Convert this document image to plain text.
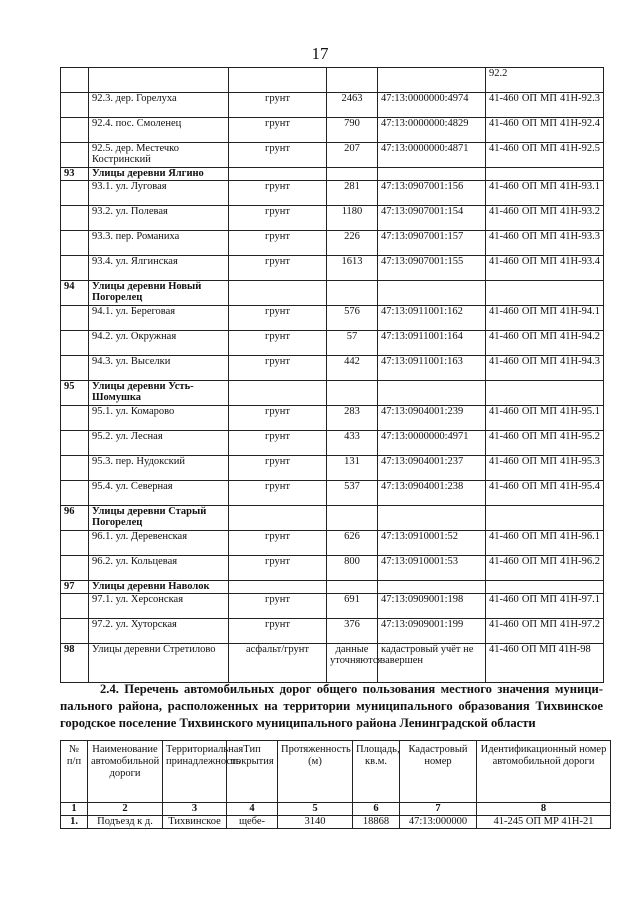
17
					92.2
	92.3. дер. Горелуха	грунт	2463	47:13:0000000:4974	41-460 ОП МП 41Н-92.3
	92.4. пос. Смоленец	грунт	790	47:13:0000000:4829	41-460 ОП МП 41Н-92.4
	92.5. дер. Местечко Костринский	грунт	207	47:13:0000000:4871	41-460 ОП МП 41Н-92.5
93	Улицы деревни Ялгино				
	93.1. ул. Луговая	грунт	281	47:13:0907001:156	41-460 ОП МП 41Н-93.1
	93.2. ул. Полевая	грунт	1180	47:13:0907001:154	41-460 ОП МП 41Н-93.2
	93.3. пер. Романиха	грунт	226	47:13:0907001:157	41-460 ОП МП 41Н-93.3
	93.4. ул. Ялгинская	грунт	1613	47:13:0907001:155	41-460 ОП МП 41Н-93.4
94	Улицы деревни Новый Погорелец				
	94.1. ул. Береговая	грунт	576	47:13:0911001:162	41-460 ОП МП 41Н-94.1
	94.2. ул. Окружная	грунт	57	47:13:0911001:164	41-460 ОП МП 41Н-94.2
	94.3. ул. Выселки	грунт	442	47:13:0911001:163	41-460 ОП МП 41Н-94.3
95	Улицы деревни Усть-Шомушка				
	95.1. ул. Комарово	грунт	283	47:13:0904001:239	41-460 ОП МП 41Н-95.1
	95.2. ул. Лесная	грунт	433	47:13:0000000:4971	41-460 ОП МП 41Н-95.2
	95.3. пер. Нудокский	грунт	131	47:13:0904001:237	41-460 ОП МП 41Н-95.3
	95.4. ул. Северная	грунт	537	47:13:0904001:238	41-460 ОП МП 41Н-95.4
96	Улицы деревни Старый Погорелец				
	96.1. ул. Деревенская	грунт	626	47:13:0910001:52	41-460 ОП МП 41Н-96.1
	96.2. ул. Кольцевая	грунт	800	47:13:0910001:53	41-460 ОП МП 41Н-96.2
97	Улицы деревни Наволок				
	97.1. ул. Херсонская	грунт	691	47:13:0909001:198	41-460 ОП МП 41Н-97.1
	97.2. ул. Хуторская	грунт	376	47:13:0909001:199	41-460 ОП МП 41Н-97.2
98	Улицы деревни Стретилово	асфальт/грунт	данные уточняются	кадастровый учёт не завершен	41-460 ОП МП 41Н-98
2.4. Перечень автомобильных дорог общего пользования местного значения муници-
пального района, расположенных на территории муниципального образования Тихвинское
городское поселение Тихвинского муниципального района Ленинградской области
№ п/п	Наименование автомобильной дороги	Территориальная принадлежность	Тип покрытия	Протяженность (м)	Площадь, кв.м.	Кадастровый номер	Идентификационный номер автомобильной дороги
1	2	3	4	5	6	7	8
1.	Подъезд к д.	Тихвинское	щебе-	3140	18868	47:13:000000	41-245 ОП МР 41Н-21
